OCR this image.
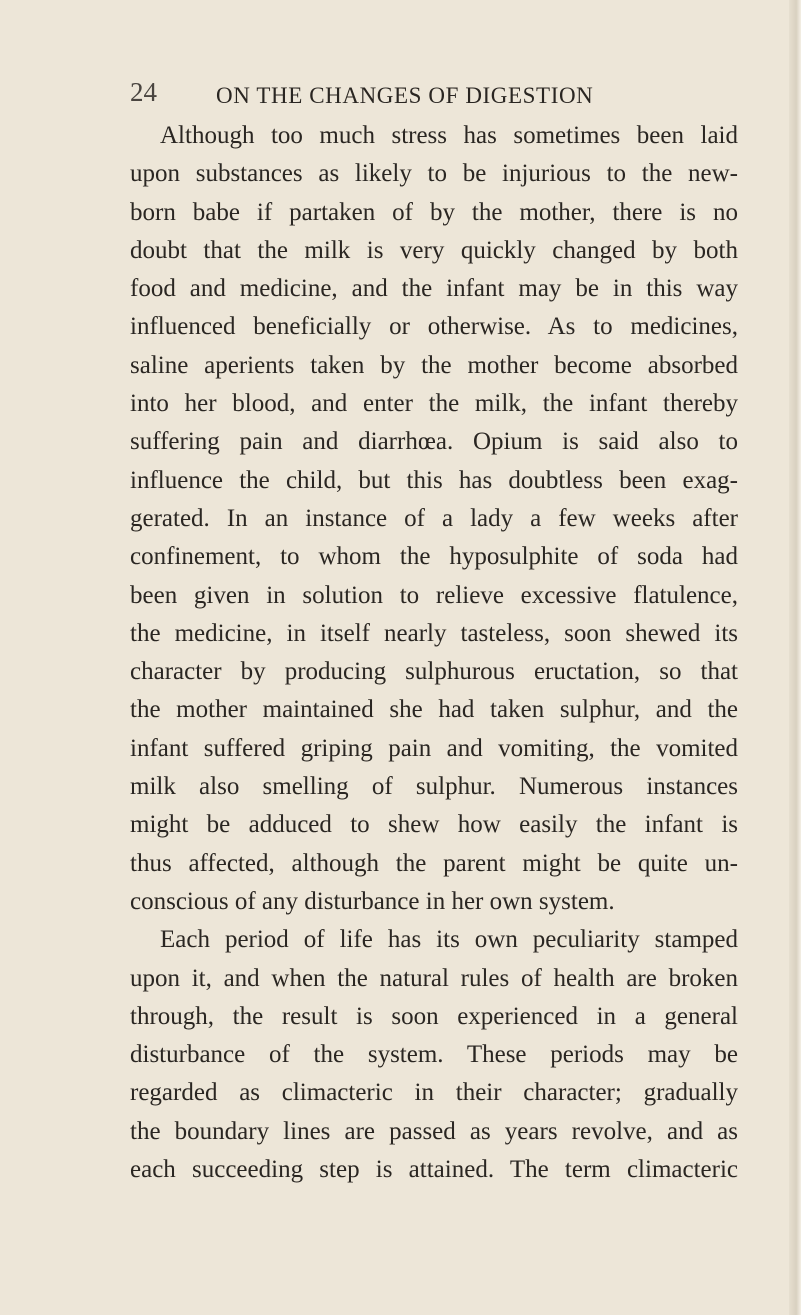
24	ON THE CHANGES OF DIGESTION
Although too much stress has sometimes been laid
upon substances as likely to be injurious to the new-
born babe if partaken of by the mother, there is no
doubt that the milk is very quickly changed by both
food and medicine, and the infant may be in this way
influenced beneficially or otherwise. As to medicines,
saline aperients taken by the mother become absorbed
into her blood, and enter the milk, the infant thereby
suffering pain and diarrhœa. Opium is said also to
influence the child, but this has doubtless been exag-
gerated. In an instance of a lady a few weeks after
confinement, to whom the hyposulphite of soda had
been given in solution to relieve excessive flatulence,
the medicine, in itself nearly tasteless, soon shewed its
character by producing sulphurous eructation, so that
the mother maintained she had taken sulphur, and the
infant suffered griping pain and vomiting, the vomited
milk also smelling of sulphur. Numerous instances
might be adduced to shew how easily the infant is
thus affected, although the parent might be quite un-
conscious of any disturbance in her own system.
Each period of life has its own peculiarity stamped
upon it, and when the natural rules of health are broken
through, the result is soon experienced in a general
disturbance of the system. These periods may be
regarded as climacteric in their character; gradually
the boundary lines are passed as years revolve, and as
each succeeding step is attained. The term climacteric
